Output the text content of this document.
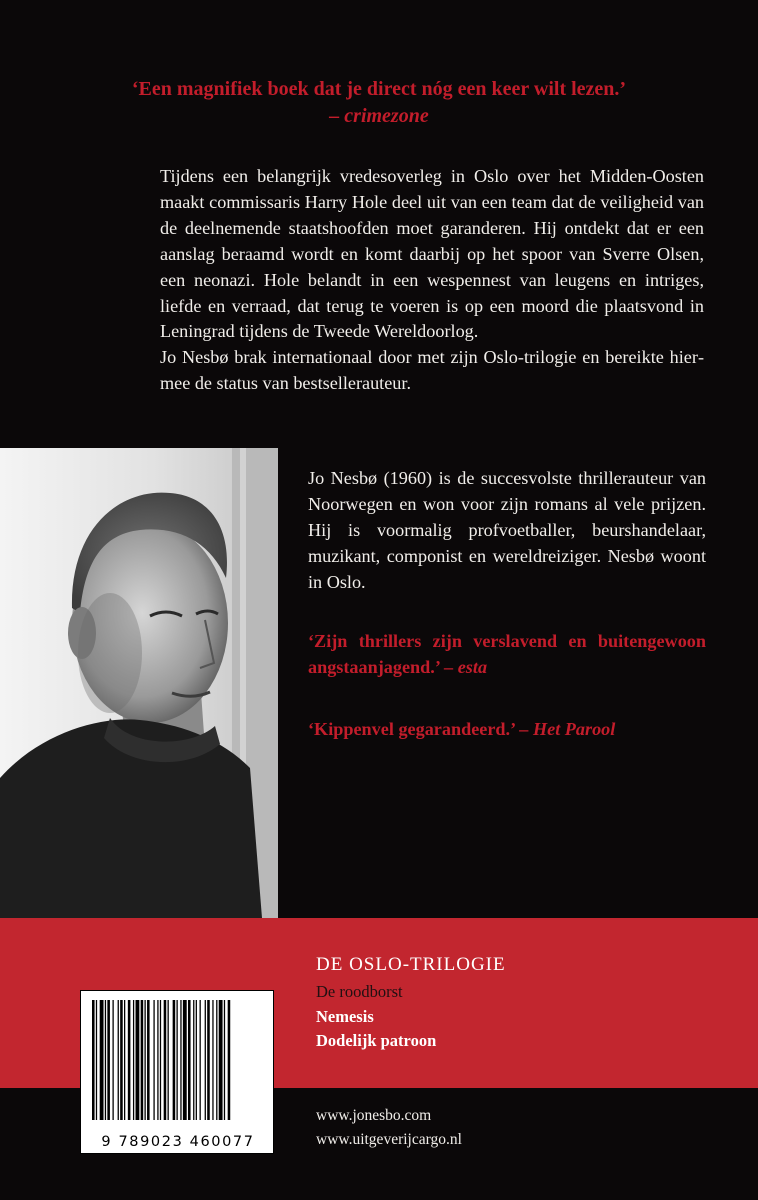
‘Een magnifiek boek dat je direct nóg een keer wilt lezen.’
– crimezone

Tijdens een belangrijk vredesoverleg in Oslo over het Midden-Oosten maakt commissaris Harry Hole deel uit van een team dat de veiligheid van de deelnemende staatshoofden moet garanderen. Hij ontdekt dat er een aanslag beraamd wordt en komt daarbij op het spoor van Sverre Olsen, een neonazi. Hole belandt in een wespennest van leugens en intriges, liefde en verraad, dat terug te voeren is op een moord die plaatsvond in Leningrad tijdens de Tweede Wereldoorlog.

Jo Nesbø brak internationaal door met zijn Oslo-trilogie en bereikte hiermee de status van bestsellerauteur.

Jo Nesbø (1960) is de succesvolste thrillerauteur van Noorwegen en won voor zijn romans al vele prijzen. Hij is voormalig profvoetballer, beurshandelaar, muzikant, componist en wereldreiziger. Nesbø woont in Oslo.

‘Zijn thrillers zijn verslavend en buitengewoon angstaanjagend.’ – esta
‘Kippenvel gegarandeerd.’ – Het Parool
DE OSLO-TRILOGIE
De roodborst
Nemesis
Dodelijk patroon
9 789023 460077
www.jonesbo.com
www.uitgeverijcargo.nl
